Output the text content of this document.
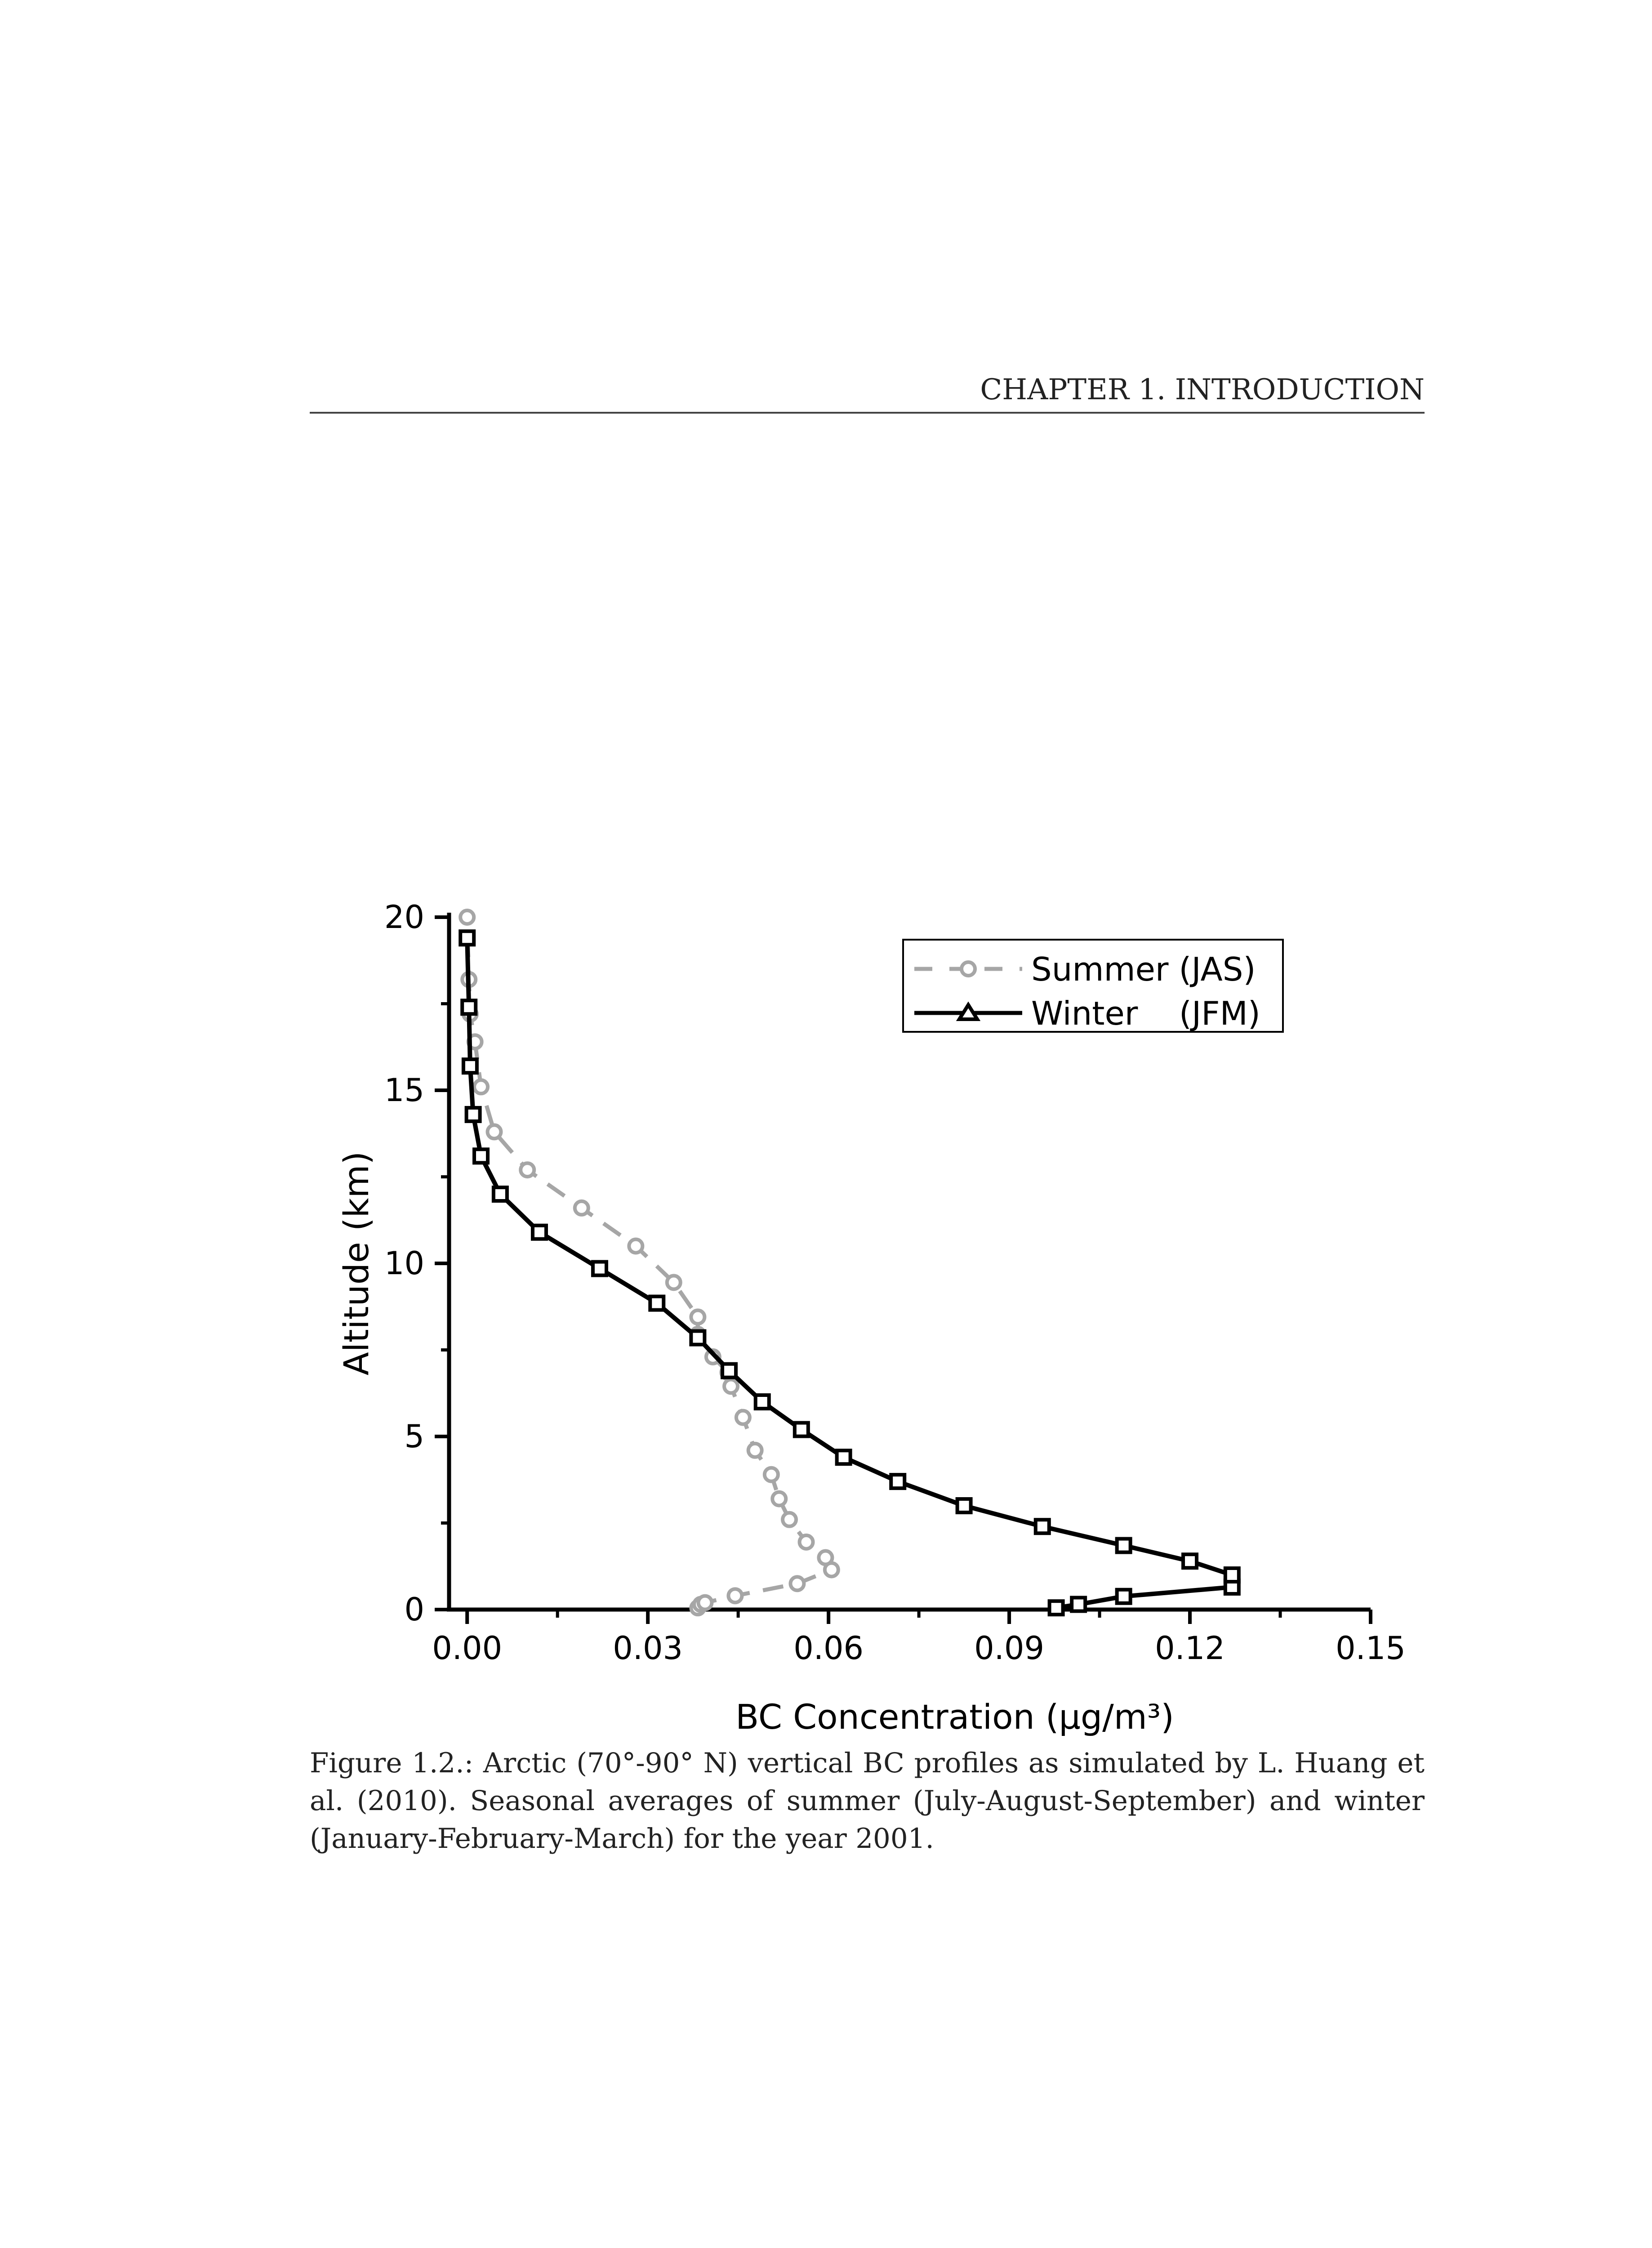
CHAPTER 1. INTRODUCTION
0.00	0.03	0.06	0.09	0.12	0.15
0
5
10
15
20
Summer (JAS)
Winter    (JFM)
BC Concentration (μg/m³)
Altitude (km)
Figure 1.2.: Arctic (70°-90° N) vertical BC profiles as simulated by L. Huang et al. (2010). Seasonal averages of summer (July-August-September) and winter (January-February-March) for the year 2001.
